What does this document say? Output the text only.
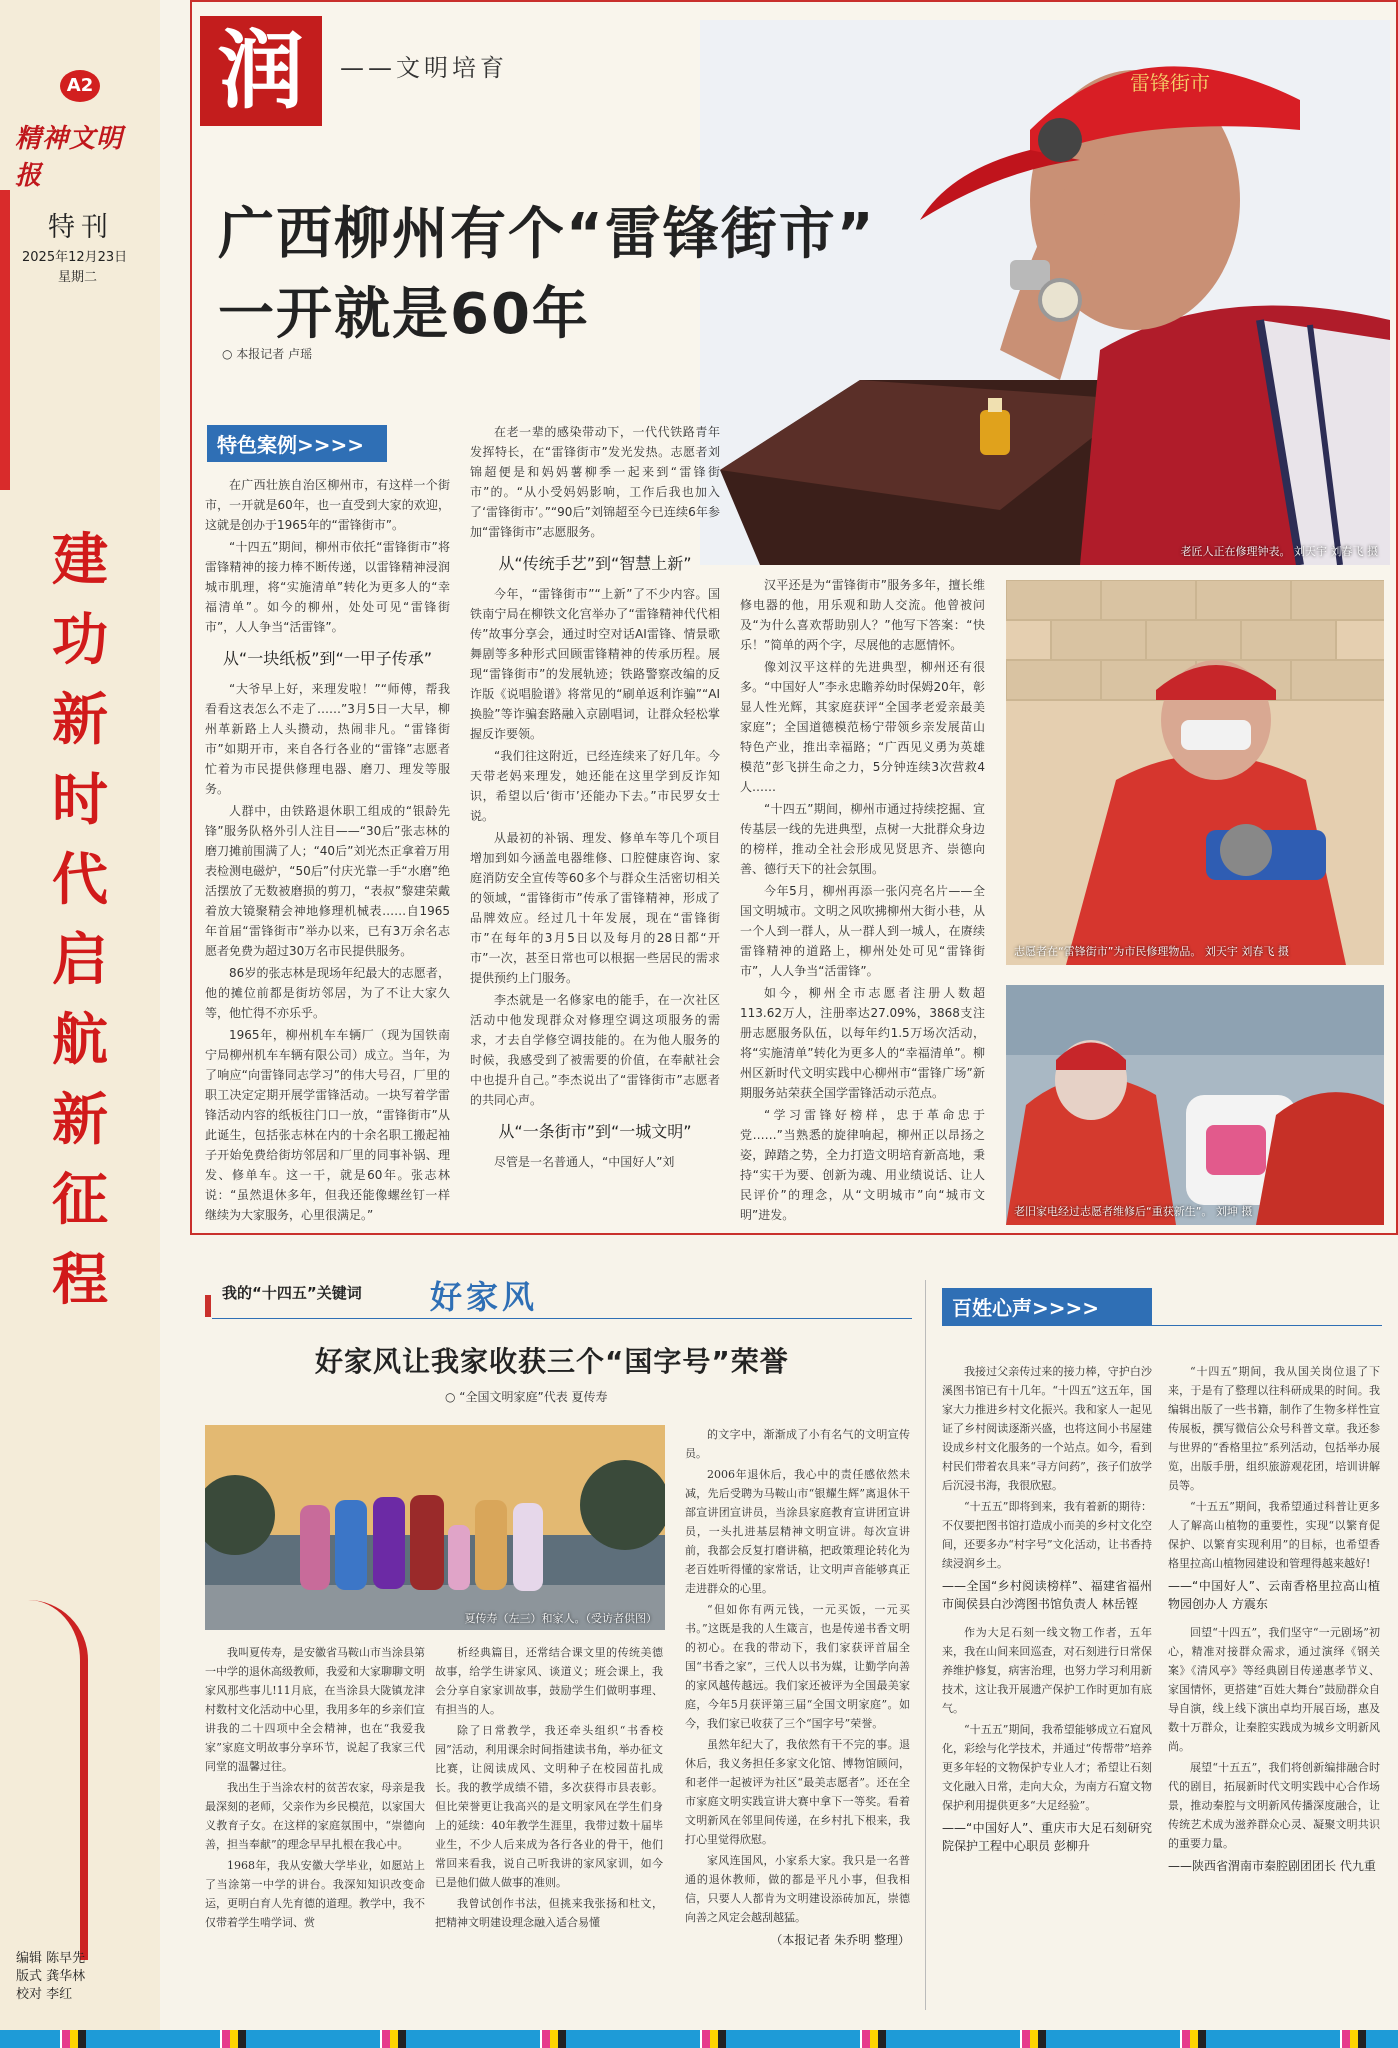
A2
精神文明报
特刊
2025年12月23日
星期二
建
功
新
时
代
启
航
新
征
程
编辑 陈早先
版式 龚华林
校对 李红
雷锋街市
老匠人正在修理钟表。 刘天宇 刘春飞 摄
润	——文明培育
广西柳州有个“雷锋街市”
一开就是60年
○ 本报记者 卢瑶
特色案例>>>>

在广西壮族自治区柳州市，有这样一个街市，一开就是60年，也一直受到大家的欢迎，这就是创办于1965年的“雷锋街市”。

“十四五”期间，柳州市依托“雷锋街市”将雷锋精神的接力棒不断传递，以雷锋精神浸润城市肌理，将“实施清单”转化为更多人的“幸福清单”。如今的柳州，处处可见“雷锋街市”，人人争当“活雷锋”。

从“一块纸板”到“一甲子传承”

“大爷早上好，来理发啦！”“师傅，帮我看看这表怎么不走了……”3月5日一大早，柳州革新路上人头攒动，热闹非凡。“雷锋街市”如期开市，来自各行各业的“雷锋”志愿者忙着为市民提供修理电器、磨刀、理发等服务。

人群中，由铁路退休职工组成的“银龄先锋”服务队格外引人注目——“30后”张志林的磨刀摊前围满了人；“40后”刘光杰正拿着万用表检测电磁炉，“50后”付庆光靠一手“水磨”绝活摆放了无数被磨损的剪刀，“表叔”黎建荣戴着放大镜聚精会神地修理机械表……自1965年首届“雷锋街市”举办以来，已有3万余名志愿者免费为超过30万名市民提供服务。

86岁的张志林是现场年纪最大的志愿者，他的摊位前都是街坊邻居，为了不让大家久等，他忙得不亦乐乎。

1965年，柳州机车车辆厂（现为国铁南宁局柳州机车车辆有限公司）成立。当年，为了响应“向雷锋同志学习”的伟大号召，厂里的职工决定定期开展学雷锋活动。一块写着学雷锋活动内容的纸板往门口一放，“雷锋街市”从此诞生，包括张志林在内的十余名职工搬起袖子开始免费给街坊邻居和厂里的同事补锅、理发、修单车。这一干，就是60年。张志林说：“虽然退休多年，但我还能像螺丝钉一样继续为大家服务，心里很满足。”

在老一辈的感染带动下，一代代铁路青年发挥特长，在“雷锋街市”发光发热。志愿者刘锦超便是和妈妈薯柳季一起来到“雷锋街市”的。“从小受妈妈影响，工作后我也加入了‘雷锋街市’。”“90后”刘锦超至今已连续6年参加“雷锋街市”志愿服务。

从“传统手艺”到“智慧上新”

今年，“雷锋街市”“上新”了不少内容。国铁南宁局在柳铁文化宫举办了“雷锋精神代代相传”故事分享会，通过时空对话AI雷锋、情景歌舞剧等多种形式回顾雷锋精神的传承历程。展现“雷锋街市”的发展轨迹；铁路警察改编的反诈版《说唱脸谱》将常见的“刷单返利诈骗”“AI换脸”等诈骗套路融入京剧唱词，让群众轻松掌握反诈要领。

“我们往这附近，已经连续来了好几年。今天带老妈来理发，她还能在这里学到反诈知识，希望以后‘街市’还能办下去。”市民罗女士说。

从最初的补锅、理发、修单车等几个项目增加到如今涵盖电器维修、口腔健康咨询、家庭消防安全宣传等60多个与群众生活密切相关的领域，“雷锋街市”传承了雷锋精神，形成了品牌效应。经过几十年发展，现在“雷锋街市”在每年的3月5日以及每月的28日都“开市”一次，甚至日常也可以根据一些居民的需求提供预约上门服务。

李杰就是一名修家电的能手，在一次社区活动中他发现群众对修理空调这项服务的需求，才去自学修空调技能的。在为他人服务的时候，我感受到了被需要的价值，在奉献社会中也提升自己。”李杰说出了“雷锋街市”志愿者的共同心声。

从“一条街市”到“一城文明”

尽管是一名普通人，“中国好人”刘

汉平还是为“雷锋街市”服务多年，擅长维修电器的他，用乐观和助人交流。他曾被问及“为什么喜欢帮助别人？”他写下答案：“快乐！”简单的两个字，尽展他的志愿情怀。

像刘汉平这样的先进典型，柳州还有很多。“中国好人”李永忠瞻养幼时保姆20年，彰显人性光辉，其家庭获评“全国孝老爱亲最美家庭”；全国道德模范杨宁带领乡亲发展苗山特色产业，推出幸福路；“广西见义勇为英雄模范”彭飞拼生命之力，5分钟连续3次营救4人……

“十四五”期间，柳州市通过持续挖掘、宣传基层一线的先进典型，点树一大批群众身边的榜样，推动全社会形成见贤思齐、崇德向善、德行天下的社会氛围。

今年5月，柳州再添一张闪亮名片——全国文明城市。文明之风吹拂柳州大街小巷，从一个人到一群人，从一群人到一城人，在赓续雷锋精神的道路上，柳州处处可见“雷锋街市”，人人争当“活雷锋”。

如今，柳州全市志愿者注册人数超113.62万人，注册率达27.09%，3868支注册志愿服务队伍，以每年约1.5万场次活动，将“实施清单”转化为更多人的“幸福清单”。柳州区新时代文明实践中心柳州市“雷锋广场”新期服务站荣获全国学雷锋活动示范点。

“学习雷锋好榜样，忠于革命忠于党……”当熟悉的旋律响起，柳州正以昂扬之姿，踔踏之势，全力打造文明培育新高地，秉持“实干为要、创新为魂、用业绩说话、让人民评价”的理念，从“文明城市”向“城市文明”进发。

志愿者在“雷锋街市”为市民修理物品。 刘天宇 刘春飞 摄
老旧家电经过志愿者维修后“重获新生”。 刘坤 摄
我的“十四五”关键词 好家风
好家风让我家收获三个“国字号”荣誉
○ “全国文明家庭”代表 夏传寿
夏传寿（左三）和家人。（受访者供图）

我叫夏传寿，是安徽省马鞍山市当涂县第一中学的退休高级教师，我爱和大家聊聊文明家风那些事儿!11月底，在当涂县大陇镇龙津村数村文化活动中心里，我用多年的乡亲们宣讲我的二十四项中全会精神，也在“我爱我家”家庭文明故事分享环节，说起了我家三代同堂的温馨过往。

我出生于当涂农村的贫苦农家，母亲是我最深刻的老师，父亲作为乡民模范，以家国大义教育子女。在这样的家庭氛围中，“崇德向善，担当奉献”的理念早早扎根在我心中。

1968年，我从安徽大学毕业，如愿站上了当涂第一中学的讲台。我深知知识改变命运，更明白育人先育德的道理。教学中，我不仅带着学生啃学词、赏

析经典篇目，还常结合课文里的传统美德故事，给学生讲家风、谈道义；班会课上，我会分享自家家训故事，鼓励学生们做明事理、有担当的人。

除了日常教学，我还牵头组织“书香校园”活动，利用课余时间指建读书角，举办征文比赛，让阅读成风、文明种子在校园苗扎成长。我的教学成绩不错，多次获得市县表彰。但比荣誉更让我高兴的是文明家风在学生们身上的延续：40年教学生涯里，我带过数十届毕业生，不少人后来成为各行各业的骨干，他们常回来看我，说自己听我讲的家风家训，如今已是他们做人做事的准则。

我曾试创作书法，但挑来我张扬和杜文，把精神文明建设理念融入适合易懂

的文字中，渐渐成了小有名气的文明宣传员。

2006年退休后，我心中的责任感依然未减，先后受聘为马鞍山市“银耀生辉”离退休干部宣讲团宣讲员，当涂县家庭教育宣讲团宣讲员，一头扎进基层精神文明宣讲。每次宣讲前，我都会反复打磨讲稿，把政策理论转化为老百姓听得懂的家常话，让文明声音能够真正走进群众的心里。

“但如你有两元钱，一元买饭，一元买书。”这既是我的人生箴言，也是传递书香文明的初心。在我的带动下，我们家获评首届全国“书香之家”，三代人以书为媒，让勤学向善的家风越传越远。我们家还被评为全国最美家庭，今年5月获评第三届“全国文明家庭”。如今，我们家已收获了三个“国字号”荣誉。

虽然年纪大了，我依然有干不完的事。退休后，我义务担任多家文化馆、博物馆顾问，和老伴一起被评为社区“最美志愿者”。还在全市家庭文明实践宣讲大赛中拿下一等奖。看着文明新风在邻里间传递，在乡村扎下根来，我打心里觉得欣慰。

家风连国风，小家系大家。我只是一名普通的退休教师，做的都是平凡小事，但我相信，只要人人都肯为文明建设添砖加瓦，崇德向善之风定会越刮越猛。

（本报记者 朱乔明 整理）
百姓心声>>>>

我接过父亲传过来的接力棒，守护白沙溪图书馆已有十几年。“十四五”这五年，国家大力推进乡村文化振兴。我和家人一起见证了乡村阅读逐渐兴盛，也将这间小书屋建设成乡村文化服务的一个站点。如今，看到村民们带着农具来“寻方问药”，孩子们放学后沉浸书海，我很欣慰。

“十五五”即将到来，我有着新的期待：不仅要把图书馆打造成小而美的乡村文化空间，还要多办“村字号”文化活动，让书香持续浸润乡土。

——全国“乡村阅读榜样”、福建省福州市闽侯县白沙湾图书馆负责人 林岳铿

作为大足石刻一线文物工作者，五年来，我在山间来回巡查，对石刻进行日常保养维护修复，病害治理，也努力学习利用新技术，这让我开展遗产保护工作时更加有底气。

“十五五”期间，我希望能够成立石窟风化，彩绘与化学技术，并通过“传帮带”培养更多年轻的文物保护专业人才；希望让石刻文化融入日常，走向大众，为南方石窟文物保护利用提供更多“大足经验”。

——“中国好人”、重庆市大足石刻研究院保护工程中心职员 彭柳升

“十四五”期间，我从国关岗位退了下来，于是有了整理以往科研成果的时间。我编辑出版了一些书籍，制作了生物多样性宣传展板，撰写微信公众号科普文章。我还参与世界的“香格里拉”系列活动，包括举办展览，出版手册，组织旅游观花团，培训讲解员等。

“十五五”期间，我希望通过科普让更多人了解高山植物的重要性，实现“以繁育促保护、以繁育实现利用”的目标，也希望香格里拉高山植物园建设和管理得越来越好!

——“中国好人”、云南香格里拉高山植物园创办人 方震东

回望“十四五”，我们坚守“一元剧场”初心，精准对接群众需求，通过演绎《钢关案》《清风亭》等经典剧目传递惠孝节义、家国情怀，更搭建“百姓大舞台”鼓励群众自导自演，线上线下演出卓均开展百场，惠及数十万群众，让秦腔实践成为城乡文明新风尚。

展望“十五五”，我们将创新编排融合时代的剧目，拓展新时代文明实践中心合作场景，推动秦腔与文明新风传播深度融合，让传统艺术成为滋养群众心灵、凝聚文明共识的重要力量。

——陕西省渭南市秦腔剧团团长 代九重
